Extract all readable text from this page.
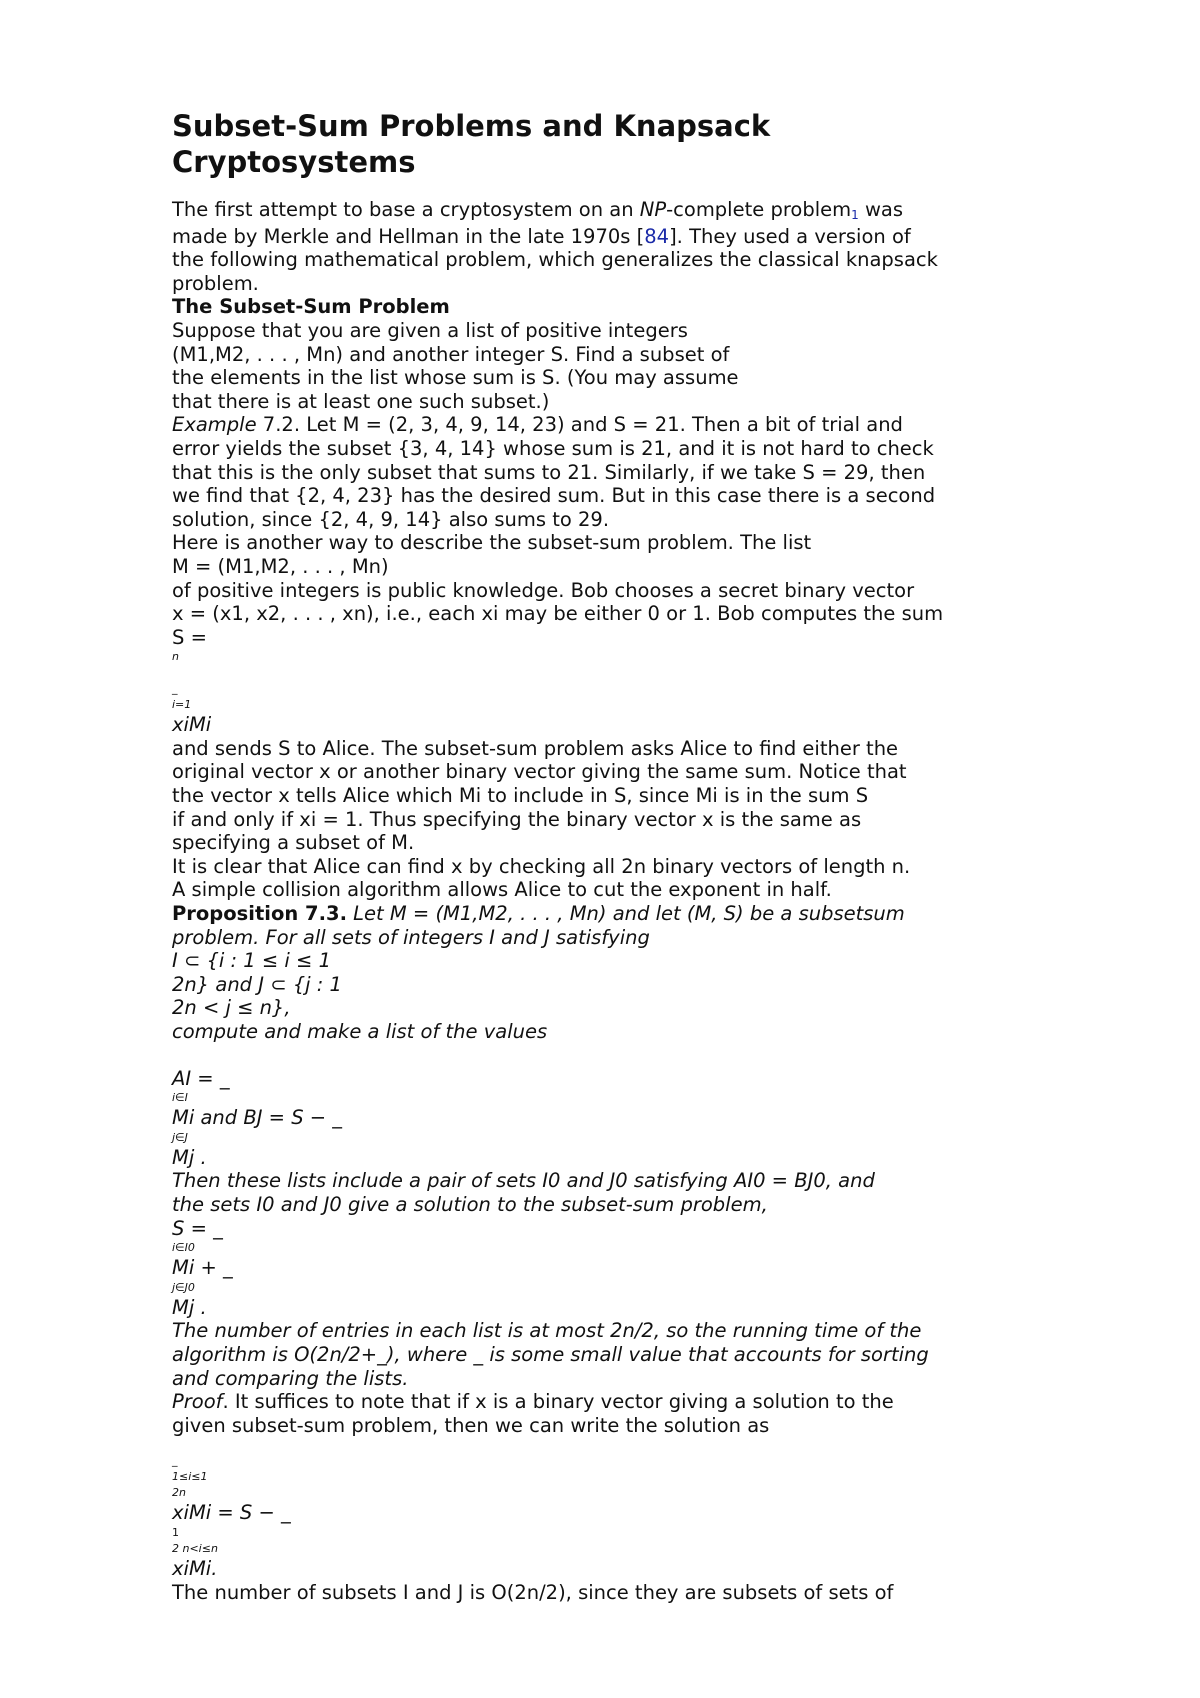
Subset-Sum Problems and Knapsack
Cryptosystems
The first attempt to base a cryptosystem on an NP-complete problem1 was
made by Merkle and Hellman in the late 1970s [84]. They used a version of
the following mathematical problem, which generalizes the classical knapsack
problem.
The Subset-Sum Problem
Suppose that you are given a list of positive integers
(M1,M2, . . . , Mn) and another integer S. Find a subset of
the elements in the list whose sum is S. (You may assume
that there is at least one such subset.)
Example 7.2. Let M = (2, 3, 4, 9, 14, 23) and S = 21. Then a bit of trial and
error yields the subset {3, 4, 14} whose sum is 21, and it is not hard to check
that this is the only subset that sums to 21. Similarly, if we take S = 29, then
we find that {2, 4, 23} has the desired sum. But in this case there is a second
solution, since {2, 4, 9, 14} also sums to 29.
Here is another way to describe the subset-sum problem. The list
M = (M1,M2, . . . , Mn)
of positive integers is public knowledge. Bob chooses a secret binary vector
x = (x1, x2, . . . , xn), i.e., each xi may be either 0 or 1. Bob computes the sum
S =
n
_
i=1
xiMi
and sends S to Alice. The subset-sum problem asks Alice to find either the
original vector x or another binary vector giving the same sum. Notice that
the vector x tells Alice which Mi to include in S, since Mi is in the sum S
if and only if xi = 1. Thus specifying the binary vector x is the same as
specifying a subset of M.
It is clear that Alice can find x by checking all 2n binary vectors of length n.
A simple collision algorithm allows Alice to cut the exponent in half.
Proposition 7.3. Let M = (M1,M2, . . . , Mn) and let (M, S) be a subsetsum
problem. For all sets of integers I and J satisfying
I ⊂ {i : 1 ≤ i ≤ 1
2n} and J ⊂ {j : 1
2n < j ≤ n},
compute and make a list of the values
AI = _
i∈I
Mi and BJ = S − _
j∈J
Mj .
Then these lists include a pair of sets I0 and J0 satisfying AI0 = BJ0, and
the sets I0 and J0 give a solution to the subset-sum problem,
S = _
i∈I0
Mi + _
j∈J0
Mj .
The number of entries in each list is at most 2n/2, so the running time of the
algorithm is O(2n/2+_), where _ is some small value that accounts for sorting
and comparing the lists.
Proof. It suffices to note that if x is a binary vector giving a solution to the
given subset-sum problem, then we can write the solution as
_
1≤i≤1
2n
xiMi = S − _
1
2 n<i≤n
xiMi.
The number of subsets I and J is O(2n/2), since they are subsets of sets of
